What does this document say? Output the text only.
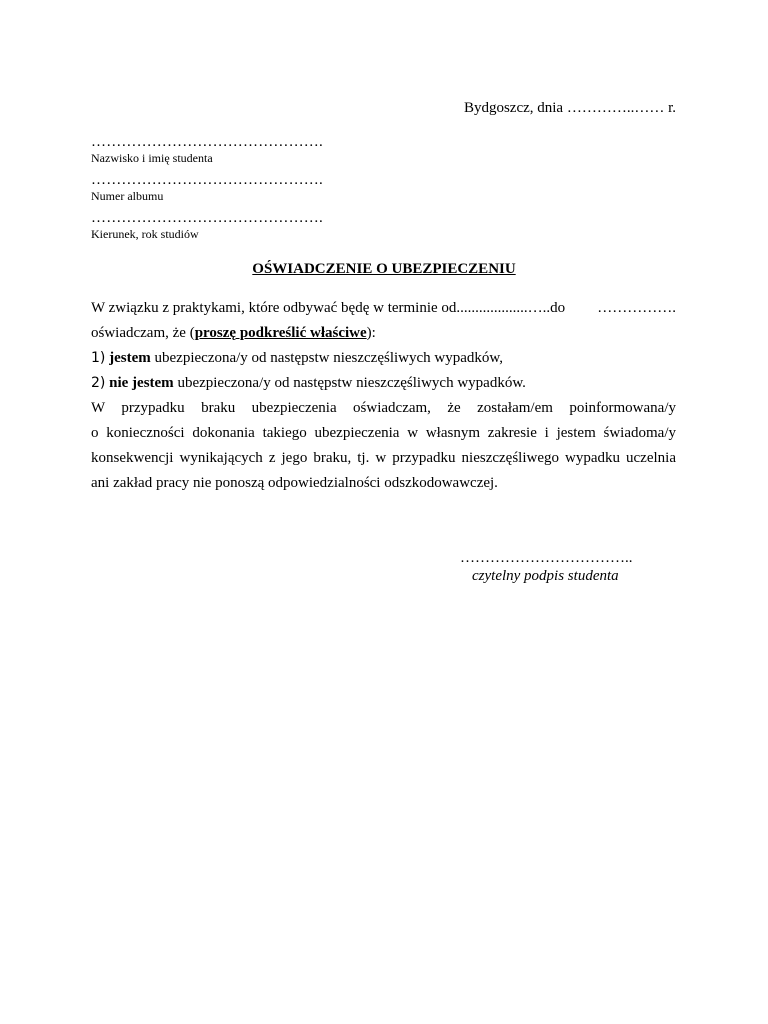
Bydgoszcz, dnia …………..…… r.
……………………………………….
Nazwisko i imię studenta
……………………………………….
Numer albumu
……………………………………….
Kierunek, rok studiów
OŚWIADCZENIE O UBEZPIECZENIU
W związku z praktykami, które odbywać będę w terminie od...................…..do …………….
oświadczam, że (proszę podkreślić właściwe):
1) jestem ubezpieczona/y od następstw nieszczęśliwych wypadków,
2) nie jestem ubezpieczona/y od następstw nieszczęśliwych wypadków.
W przypadku braku ubezpieczenia oświadczam, że zostałam/em poinformowana/y
o konieczności dokonania takiego ubezpieczenia w własnym zakresie i jestem świadoma/y
konsekwencji wynikających z jego braku, tj. w przypadku nieszczęśliwego wypadku uczelnia
ani zakład pracy nie ponoszą odpowiedzialności odszkodowawczej.
……………………………..
czytelny podpis studenta
